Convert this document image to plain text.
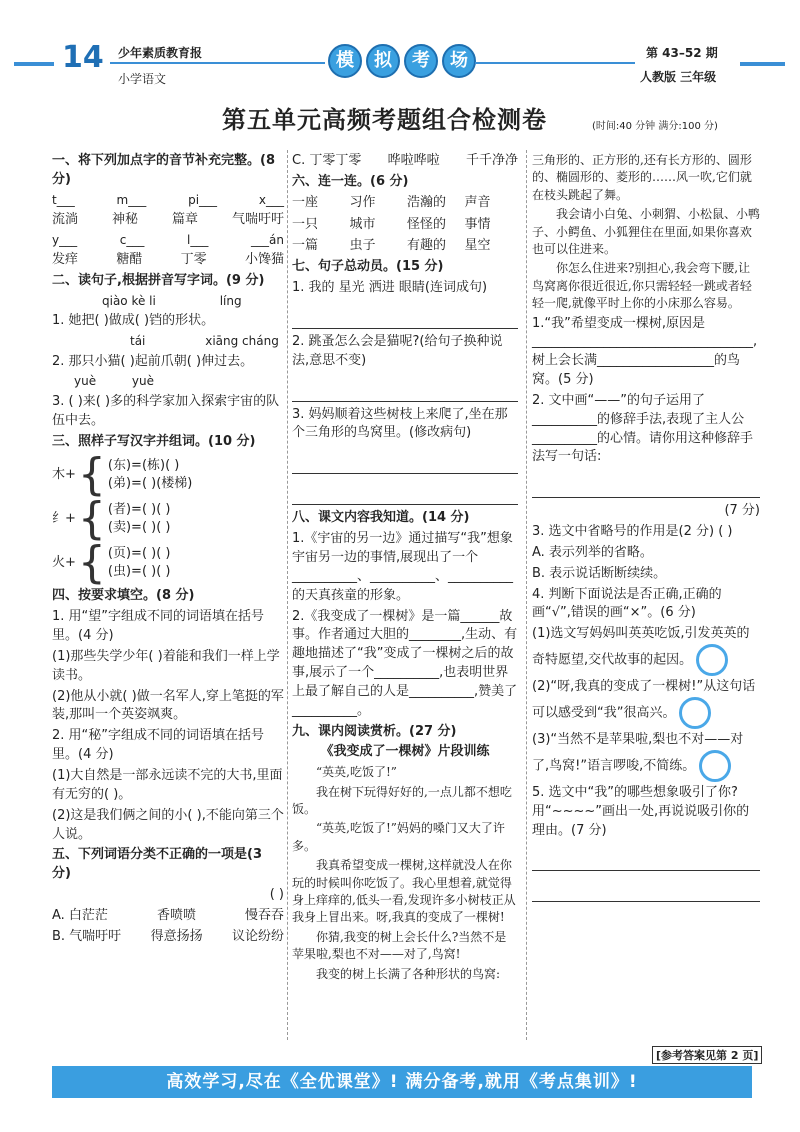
14 少年素质教育报
小学语文
模	拟	考	场	第 43–52 期
人教版 三年级
第五单元高频考题组合检测卷	(时间:40 分钟 满分:100 分)
一、将下列加点字的音节补充完整。(8 分)
t___	m___	pi___	x___
流淌	神秘	篇章	气喘吁吁
y___	c___	l___	___án
发痒	糖醋	丁零	小馋猫
二、读句子,根据拼音写字词。(9 分)
qiào kè li	líng
1. 她把( )做成( )铛的形状。
tái	xiāng cháng
2. 那只小猫( )起前爪朝( )伸过去。
yuè	yuè
3. ( )来( )多的科学家加入探索宇宙的队伍中去。
三、照样子写汉字并组词。(10 分)
木+ { (东)=(栋)( )
(弟)=( )(楼梯)
纟+ { (者)=( )( )
(卖)=( )( )
火+ { (页)=( )( )
(虫)=( )( )
四、按要求填空。(8 分)
1. 用“望”字组成不同的词语填在括号里。(4 分)
(1)那些失学少年( )着能和我们一样上学读书。
(2)他从小就( )做一名军人,穿上笔挺的军装,那叫一个英姿飒爽。
2. 用“秘”字组成不同的词语填在括号里。(4 分)
(1)大自然是一部永远读不完的大书,里面有无穷的( )。
(2)这是我们俩之间的小( ),不能向第三个人说。
五、下列词语分类不正确的一项是(3 分)
( )
A. 白茫茫	香喷喷	慢吞吞
B. 气喘吁吁 得意扬扬 议论纷纷
C. 丁零丁零 哗啦哗啦 千千净净
六、连一连。(6 分)
一座	习作	浩瀚的	声音
一只	城市	怪怪的	事情
一篇	虫子	有趣的	星空
七、句子总动员。(15 分)
1. 我的 星光 洒进 眼睛(连词成句)
2. 跳蚤怎么会是猫呢?(给句子换种说法,意思不变)
3. 妈妈顺着这些树枝上来爬了,坐在那个三角形的鸟窝里。(修改病句)
八、课文内容我知道。(14 分)
1.《宇宙的另一边》通过描写“我”想象宇宙另一边的事情,展现出了一个__________、__________、__________的天真孩童的形象。
2.《我变成了一棵树》是一篇______故事。作者通过大胆的________,生动、有趣地描述了“我”变成了一棵树之后的故事,展示了一个__________,也表明世界上最了解自己的人是__________,赞美了__________。
九、课内阅读赏析。(27 分)
《我变成了一棵树》片段训练
“英英,吃饭了!”
我在树下玩得好好的,一点儿都不想吃饭。
“英英,吃饭了!”妈妈的嗓门又大了许多。
我真希望变成一棵树,这样就没人在你玩的时候叫你吃饭了。我心里想着,就觉得身上痒痒的,低头一看,发现许多小树枝正从我身上冒出来。呀,我真的变成了一棵树!
你猜,我变的树上会长什么?当然不是苹果啦,梨也不对——对了,鸟窝!
我变的树上长满了各种形状的鸟窝:
三角形的、正方形的,还有长方形的、圆形的、椭圆形的、菱形的……风一吹,它们就在枝头跳起了舞。
我会请小白兔、小刺猬、小松鼠、小鸭子、小鳄鱼、小狐狸住在里面,如果你喜欢也可以住进来。
你怎么住进来?别担心,我会弯下腰,让鸟窝离你很近很近,你只需轻轻一跳或者轻轻一爬,就像平时上你的小床那么容易。
1.“我”希望变成一棵树,原因是__________________________________,树上会长满__________________的鸟窝。(5 分)
2. 文中画“——”的句子运用了__________的修辞手法,表现了主人公__________的心情。请你用这种修辞手法写一句话:
(7 分)
3. 选文中省略号的作用是(2 分) ( )
A. 表示列举的省略。
B. 表示说话断断续续。
4. 判断下面说法是否正确,正确的画“√”,错误的画“×”。(6 分)
(1)选文写妈妈叫英英吃饭,引发英英的奇特愿望,交代故事的起因。
(2)“呀,我真的变成了一棵树!”从这句话可以感受到“我”很高兴。
(3)“当然不是苹果啦,梨也不对——对了,鸟窝!”语言啰唆,不简练。
5. 选文中“我”的哪些想象吸引了你?用“~~~~”画出一处,再说说吸引你的理由。(7 分)
[参考答案见第 2 页]
高效学习,尽在《全优课堂》! 满分备考,就用《考点集训》!
